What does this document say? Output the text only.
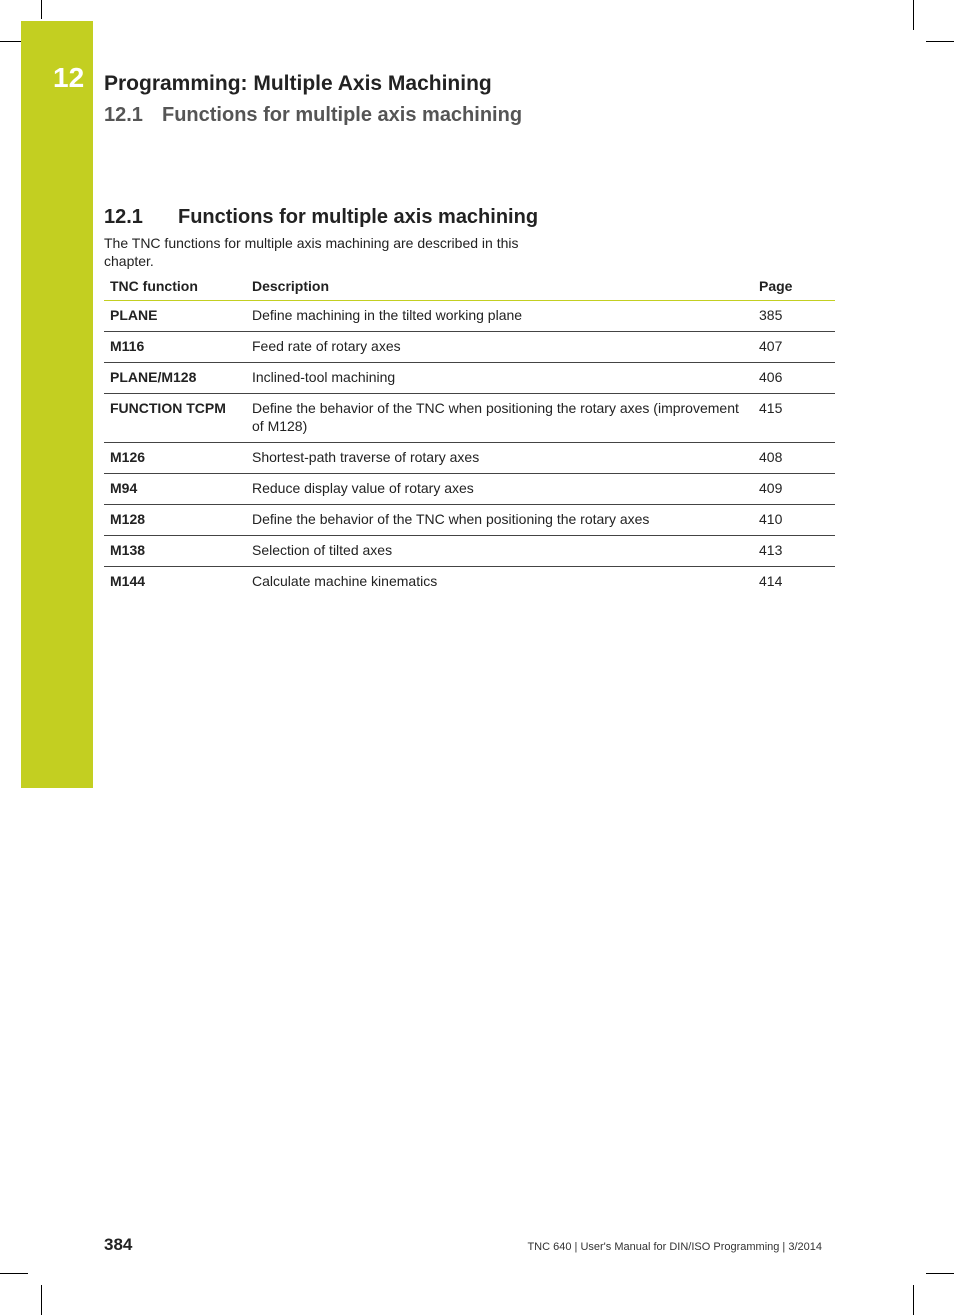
12 Programming: Multiple Axis Machining
12.1 Functions for multiple axis machining
12.1 Functions for multiple axis machining
The TNC functions for multiple axis machining are described in this chapter.
TNC function	Description	Page
PLANE	Define machining in the tilted working plane	385
M116	Feed rate of rotary axes	407
PLANE/M128	Inclined-tool machining	406
FUNCTION TCPM	Define the behavior of the TNC when positioning the rotary axes (improvement of M128)	415
M126	Shortest-path traverse of rotary axes	408
M94	Reduce display value of rotary axes	409
M128	Define the behavior of the TNC when positioning the rotary axes	410
M138	Selection of tilted axes	413
M144	Calculate machine kinematics	414
384	TNC 640 | User's Manual for DIN/ISO Programming | 3/2014
